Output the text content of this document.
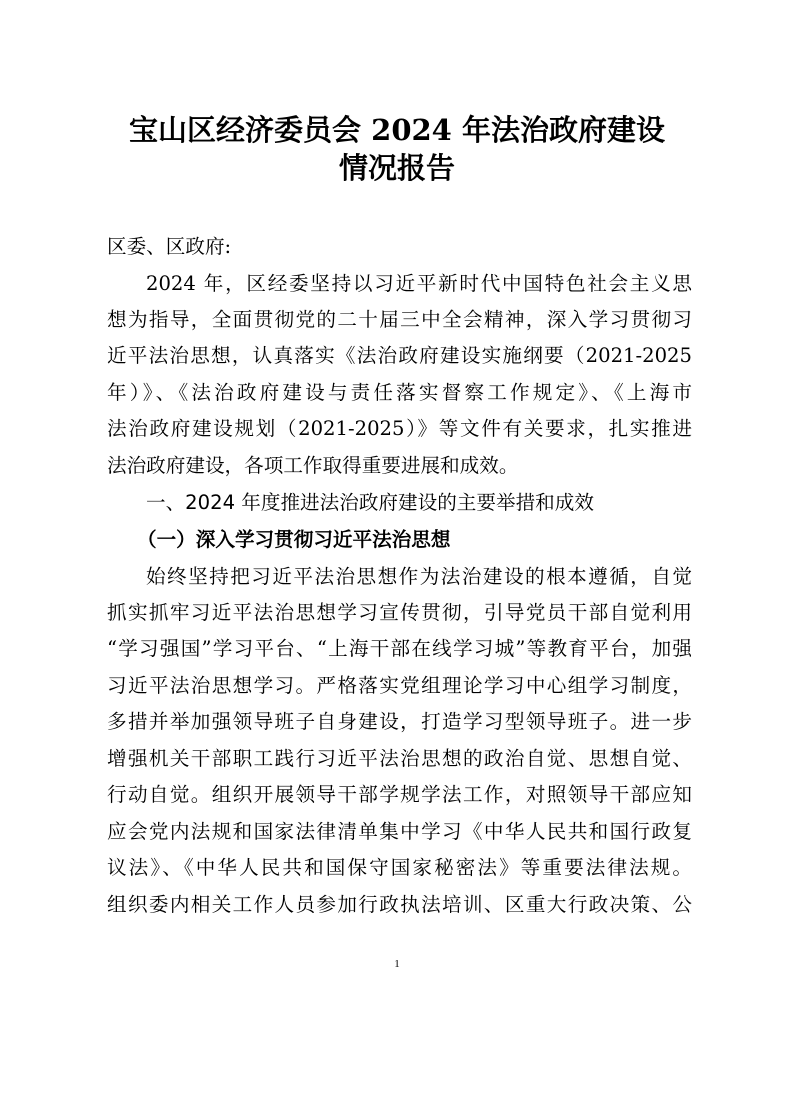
宝山区经济委员会 2024 年法治政府建设
情况报告

区委、区政府:

2024 年，区经委坚持以习近平新时代中国特色社会主义思

想为指导，全面贯彻党的二十届三中全会精神，深入学习贯彻习

近平法治思想，认真落实《法治政府建设实施纲要（2021-2025

年）》、《法治政府建设与责任落实督察工作规定》、《上海市

法治政府建设规划（2021-2025）》等文件有关要求，扎实推进

法治政府建设，各项工作取得重要进展和成效。

一、2024 年度推进法治政府建设的主要举措和成效

（一）深入学习贯彻习近平法治思想

始终坚持把习近平法治思想作为法治建设的根本遵循，自觉

抓实抓牢习近平法治思想学习宣传贯彻，引导党员干部自觉利用

“学习强国”学习平台、“上海干部在线学习城”等教育平台，加强

习近平法治思想学习。严格落实党组理论学习中心组学习制度，

多措并举加强领导班子自身建设，打造学习型领导班子。进一步

增强机关干部职工践行习近平法治思想的政治自觉、思想自觉、

行动自觉。组织开展领导干部学规学法工作，对照领导干部应知

应会党内法规和国家法律清单集中学习《中华人民共和国行政复

议法》、《中华人民共和国保守国家秘密法》等重要法律法规。

组织委内相关工作人员参加行政执法培训、区重大行政决策、公

1
